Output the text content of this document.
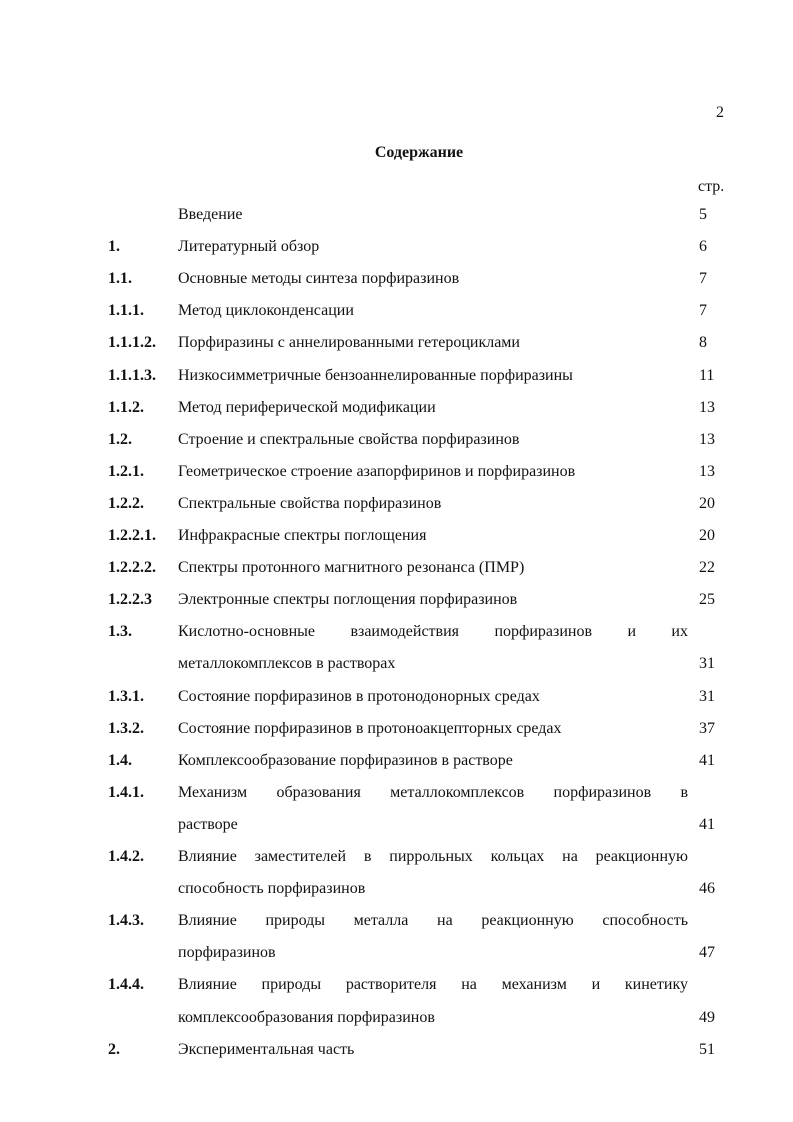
2
Содержание
стр.
Введение	5
1.	Литературный обзор	6
1.1.	Основные методы синтеза порфиразинов	7
1.1.1. Метод циклоконденсации	7
1.1.1.2. Порфиразины с аннелированными гетероциклами	8
1.1.1.3. Низкосимметричные бензоаннелированные порфиразины	11
1.1.2. Метод периферической модификации	13
1.2.	Строение и спектральные свойства порфиразинов	13
1.2.1. Геометрическое строение азапорфиринов и порфиразинов	13
1.2.2. Спектральные свойства порфиразинов	20
1.2.2.1. Инфракрасные спектры поглощения	20
1.2.2.2. Спектры протонного магнитного резонанса (ПМР)	22
1.2.2.3 Электронные спектры поглощения порфиразинов	25
1.3.	Кислотно-основные взаимодействия порфиразинов и их
металлокомплексов в растворах	31
1.3.1. Состояние порфиразинов в протонодонорных средах	31
1.3.2. Состояние порфиразинов в протоноакцепторных средах	37
1.4.	Комплексообразование порфиразинов в растворе	41
1.4.1. Механизм образования металлокомплексов порфиразинов в
растворе	41
1.4.2. Влияние заместителей в пиррольных кольцах на реакционную
способность порфиразинов	46
1.4.3. Влияние природы металла на реакционную способность
порфиразинов	47
1.4.4. Влияние природы растворителя на механизм и кинетику
комплексообразования порфиразинов	49
2.	Экспериментальная часть	51
